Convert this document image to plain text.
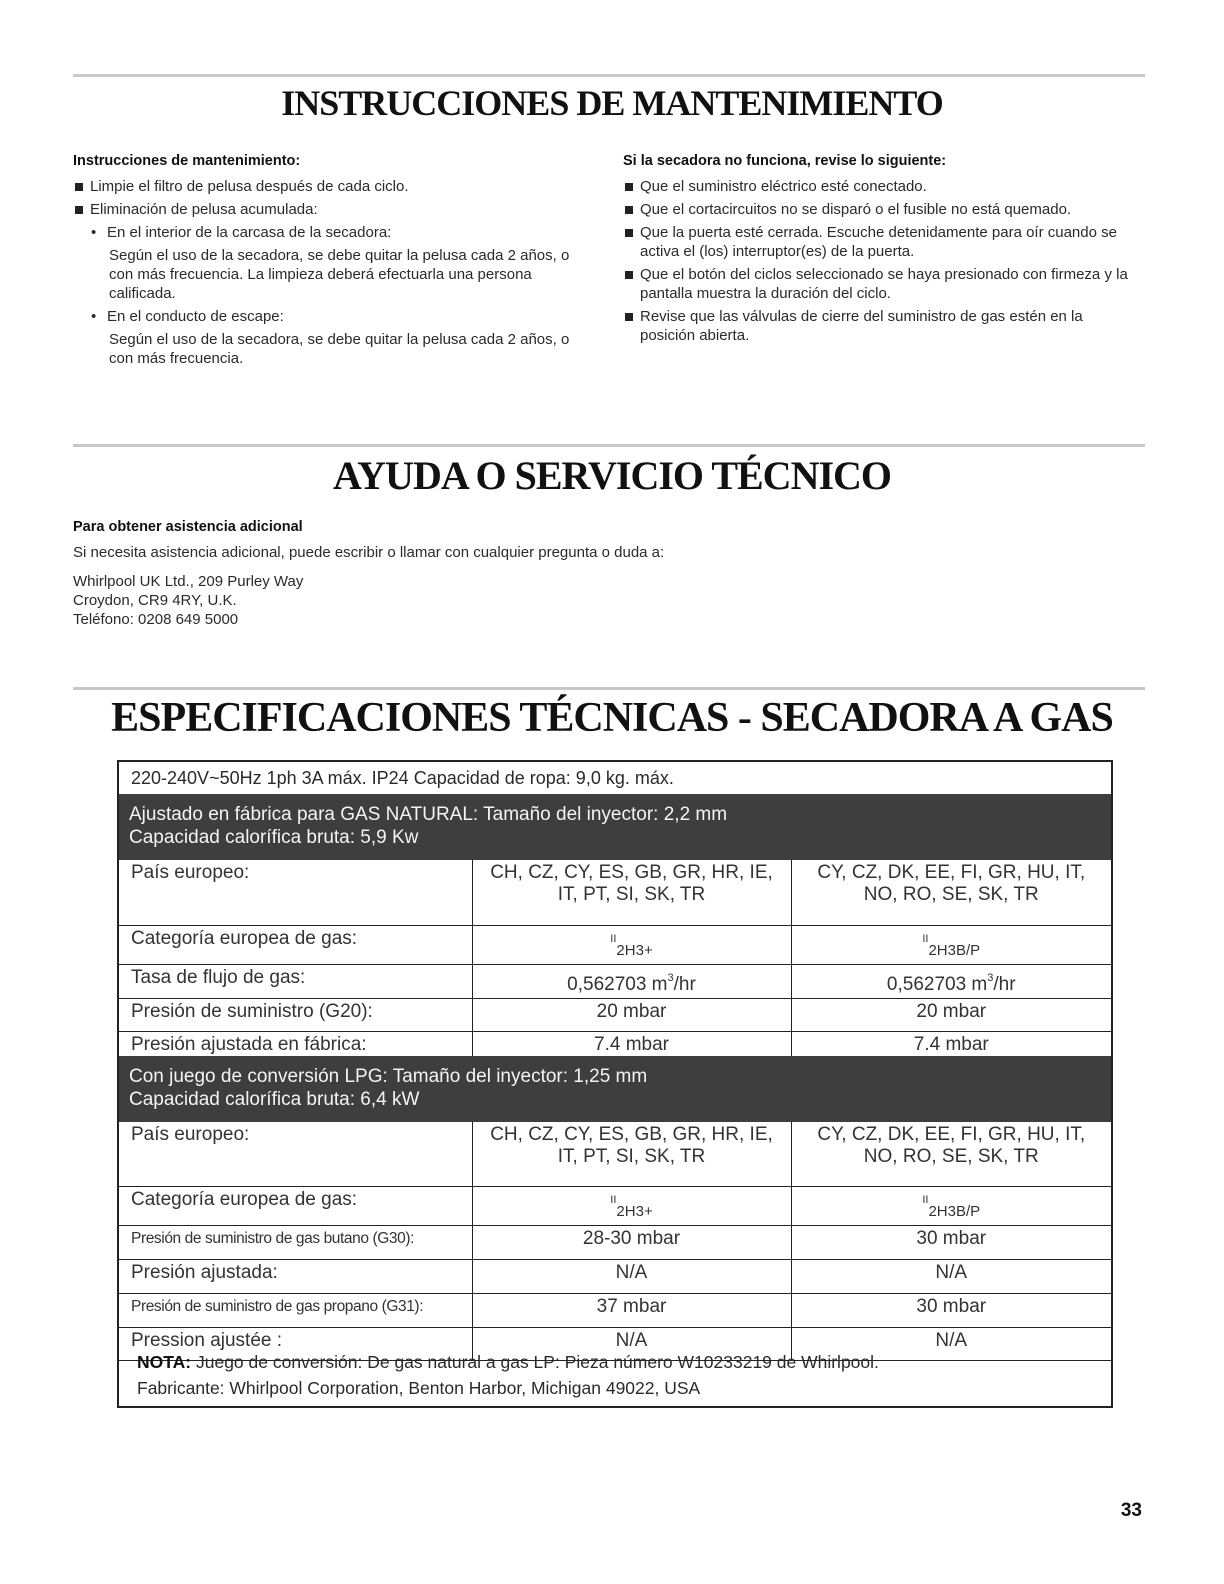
INSTRUCCIONES DE MANTENIMIENTO
Instrucciones de mantenimiento:
Limpie el filtro de pelusa después de cada ciclo.
Eliminación de pelusa acumulada:
• En el interior de la carcasa de la secadora:
Según el uso de la secadora, se debe quitar la pelusa cada 2 años, o con más frecuencia. La limpieza deberá efectuarla una persona calificada.
• En el conducto de escape:
Según el uso de la secadora, se debe quitar la pelusa cada 2 años, o con más frecuencia.
Si la secadora no funciona, revise lo siguiente:
Que el suministro eléctrico esté conectado.
Que el cortacircuitos no se disparó o el fusible no está quemado.
Que la puerta esté cerrada. Escuche detenidamente para oír cuando se activa el (los) interruptor(es) de la puerta.
Que el botón del ciclos seleccionado se haya presionado con firmeza y la pantalla muestra la duración del ciclo.
Revise que las válvulas de cierre del suministro de gas estén en la posición abierta.
AYUDA O SERVICIO TÉCNICO
Para obtener asistencia adicional

Si necesita asistencia adicional, puede escribir o llamar con cualquier pregunta o duda a:

Whirlpool UK Ltd., 209 Purley Way
Croydon, CR9 4RY, U.K.
Teléfono: 0208 649 5000

ESPECIFICACIONES TÉCNICAS - SECADORA A GAS
220-240V~50Hz 1ph 3A máx. IP24 Capacidad de ropa: 9,0 kg. máx.
Ajustado en fábrica para GAS NATURAL: Tamaño del inyector: 2,2 mm
Capacidad calorífica bruta: 5,9 Kw
País europeo:	CH, CZ, CY, ES, GB, GR, HR, IE, IT, PT, SI, SK, TR	CY, CZ, DK, EE, FI, GR, HU, IT, NO, RO, SE, SK, TR
Categoría europea de gas:	$^{II}_{2H3+}$	$^{II}_{2H3B/P}$
Tasa de flujo de gas:	0,562703 $m^3/hr$	0,562703 $m^3/hr$
Presión de suministro (G20):	20 mbar	20 mbar
Presión ajustada en fábrica:	7.4 mbar	7.4 mbar
Con juego de conversión LPG: Tamaño del inyector: 1,25 mm
Capacidad calorífica bruta: 6,4 kW
País europeo:	CH, CZ, CY, ES, GB, GR, HR, IE, IT, PT, SI, SK, TR	CY, CZ, DK, EE, FI, GR, HU, IT, NO, RO, SE, SK, TR
Categoría europea de gas:	$^{II}_{2H3+}$	$^{II}_{2H3B/P}$
Presión de suministro de gas butano (G30):	28-30 mbar	30 mbar
Presión ajustada:	N/A	N/A
Presión de suministro de gas propano (G31):	37 mbar	30 mbar
Pression ajustée :	N/A	N/A
NOTA: Juego de conversión: De gas natural a gas LP: Pieza número W10233219 de Whirlpool.
Fabricante: Whirlpool Corporation, Benton Harbor, Michigan 49022, USA
33
